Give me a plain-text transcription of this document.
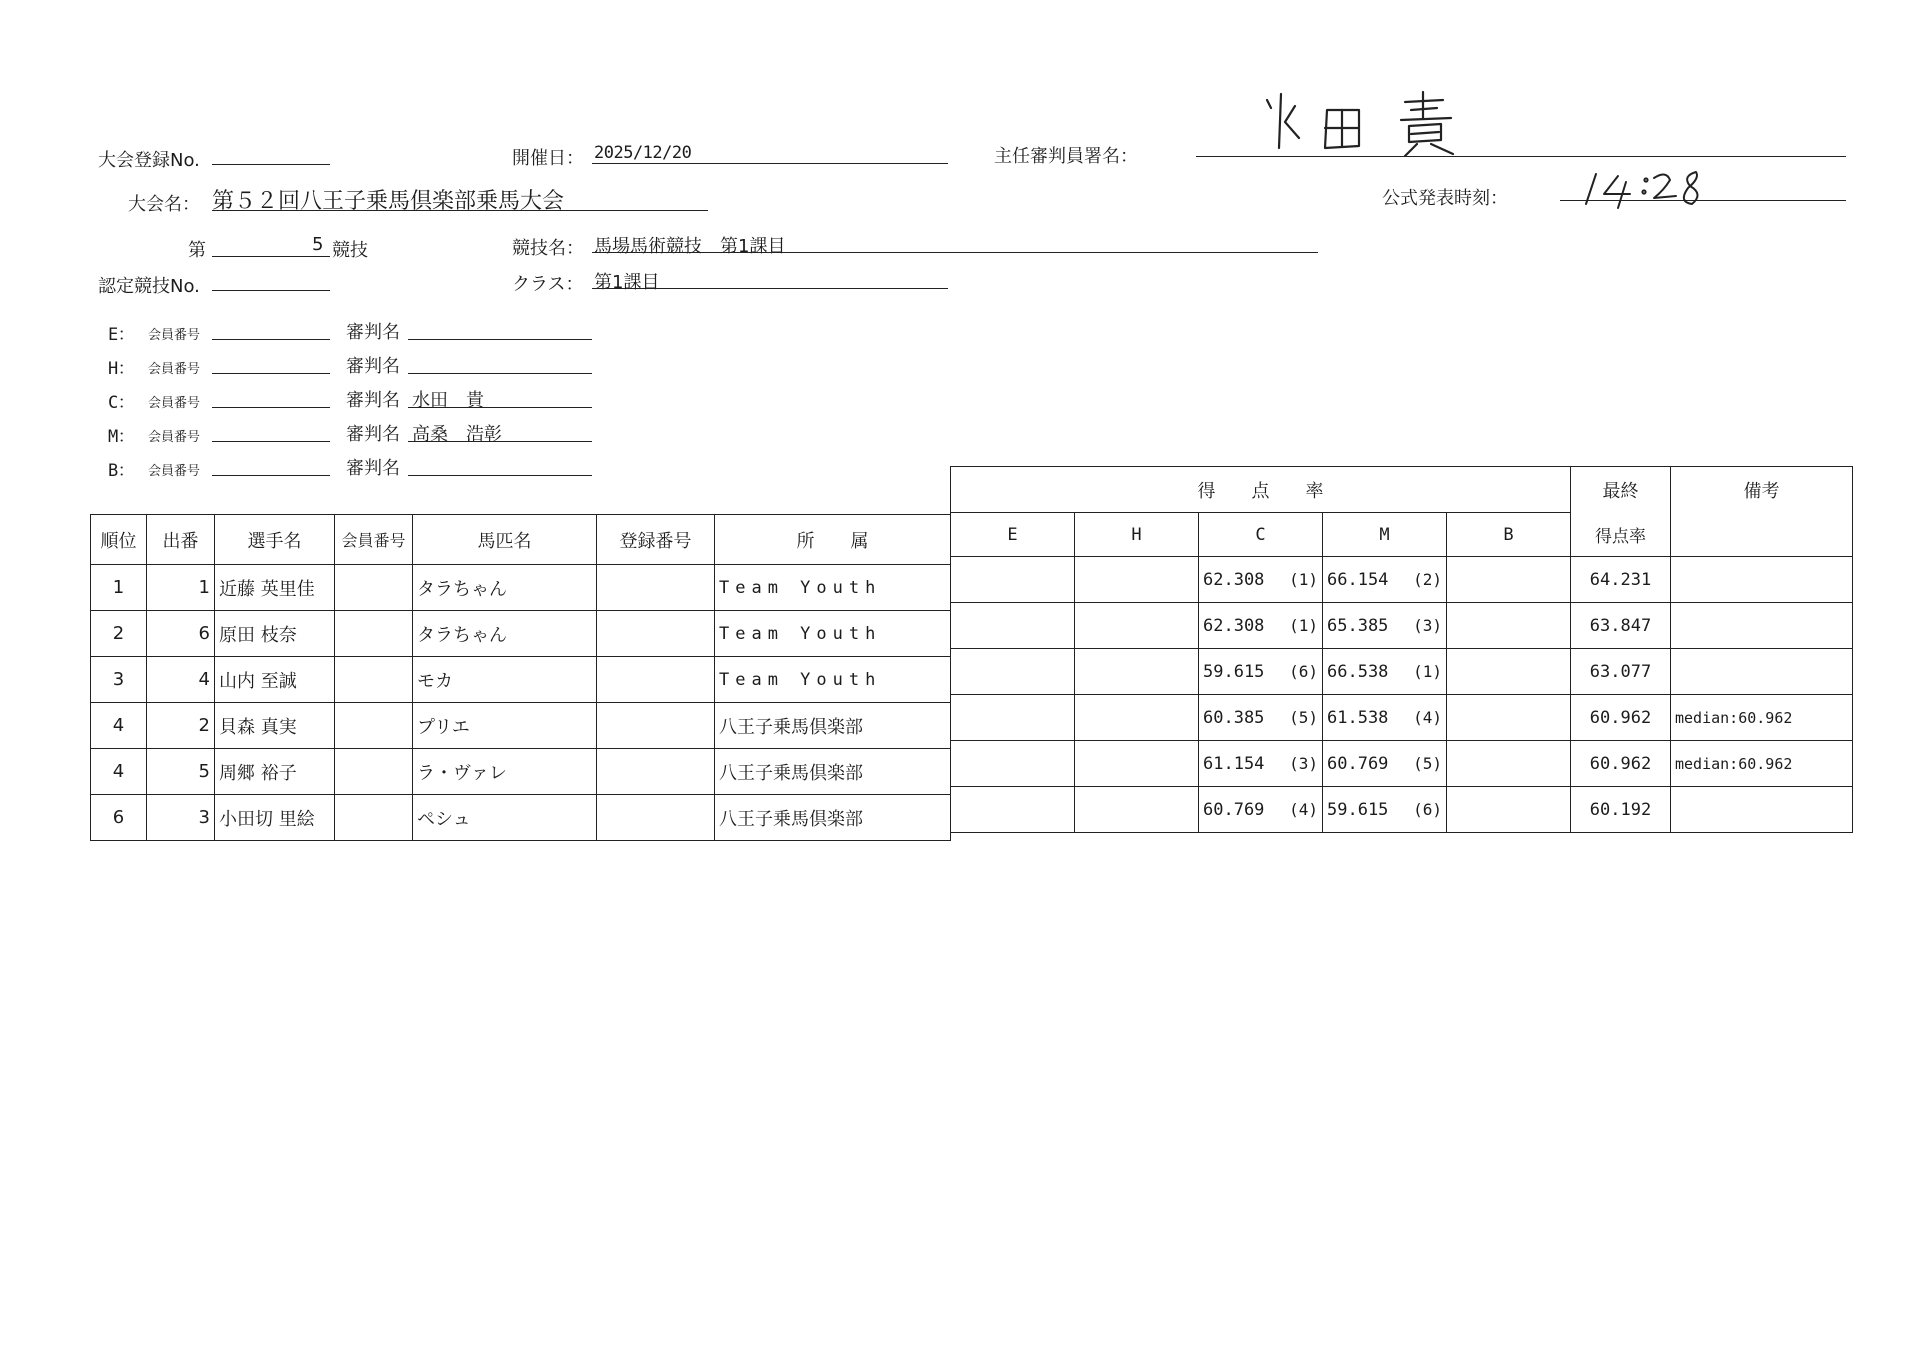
大会登録No.	開催日： 2025/12/20	主任審判員署名：
大会名： 第５２回八王子乗馬倶楽部乗馬大会	公式発表時刻：
第	5 競技	競技名： 馬場馬術競技　第1課目
認定競技No.	クラス： 第1課目
E： 会員番号	審判名
H： 会員番号	審判名
C： 会員番号	審判名 水田　貴
M： 会員番号	審判名 高桑　浩彰
B： 会員番号	審判名
順位	出番	選手名	会員番号	馬匹名	登録番号	所　　属
1	1	近藤 英里佳		タラちゃん		Team Youth
2	6	原田 枝奈		タラちゃん		Team Youth
3	4	山内 至誠		モカ		Team Youth
4	2	貝森 真実		プリエ		八王子乗馬倶楽部
4	5	周郷 裕子		ラ・ヴァレ		八王子乗馬倶楽部
6	3	小田切 里絵		ペシュ		八王子乗馬倶楽部
得　　点　　率					最終	備考
E	H	C	M	B	得点率	
		62.308 (1)	66.154 (2)		64.231	
		62.308 (1)	65.385 (3)		63.847	
		59.615 (6)	66.538 (1)		63.077	
		60.385 (5)	61.538 (4)		60.962	median:60.962
		61.154 (3)	60.769 (5)		60.962	median:60.962
		60.769 (4)	59.615 (6)		60.192	
